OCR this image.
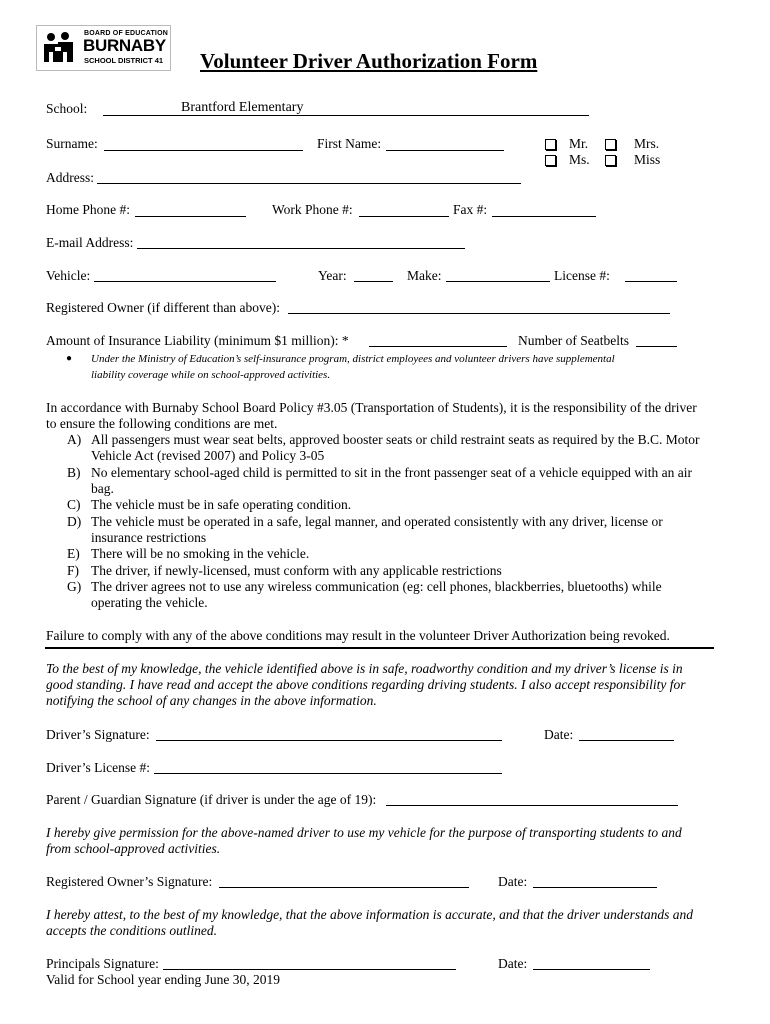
BOARD OF EDUCATION
BURNABY
SCHOOL DISTRICT 41 Volunteer Driver Authorization Form
School:	Brantford Elementary
Surname:	First Name:	Mr.	Mrs.
Ms.	Miss
Address:
Home Phone #:	Work Phone #:	Fax #:
E-mail Address:
Vehicle:	Year:	Make:	License #:
Registered Owner (if different than above):
Amount of Insurance Liability (minimum $1 million): *	Number of Seatbelts
● Under the Ministry of Education’s self-insurance program, district employees and volunteer drivers have supplemental
liability coverage while on school-approved activities.
In accordance with Burnaby School Board Policy #3.05 (Transportation of Students), it is the responsibility of the driver
to ensure the following conditions are met.
A) All passengers must wear seat belts, approved booster seats or child restraint seats as required by the B.C. Motor
Vehicle Act (revised 2007) and Policy 3-05
B) No elementary school-aged child is permitted to sit in the front passenger seat of a vehicle equipped with an air
bag.
C) The vehicle must be in safe operating condition.
D) The vehicle must be operated in a safe, legal manner, and operated consistently with any driver, license or
insurance restrictions
E) There will be no smoking in the vehicle.
F) The driver, if newly-licensed, must conform with any applicable restrictions
G) The driver agrees not to use any wireless communication (eg: cell phones, blackberries, bluetooths) while
operating the vehicle.
Failure to comply with any of the above conditions may result in the volunteer Driver Authorization being revoked.
To the best of my knowledge, the vehicle identified above is in safe, roadworthy condition and my driver’s license is in
good standing. I have read and accept the above conditions regarding driving students. I also accept responsibility for
notifying the school of any changes in the above information.
Driver’s Signature:	Date:
Driver’s License #:
Parent / Guardian Signature (if driver is under the age of 19):
I hereby give permission for the above-named driver to use my vehicle for the purpose of transporting students to and
from school-approved activities.
Registered Owner’s Signature:	Date:
I hereby attest, to the best of my knowledge, that the above information is accurate, and that the driver understands and
accepts the conditions outlined.
Principals Signature:	Date:
Valid for School year ending June 30, 2019
